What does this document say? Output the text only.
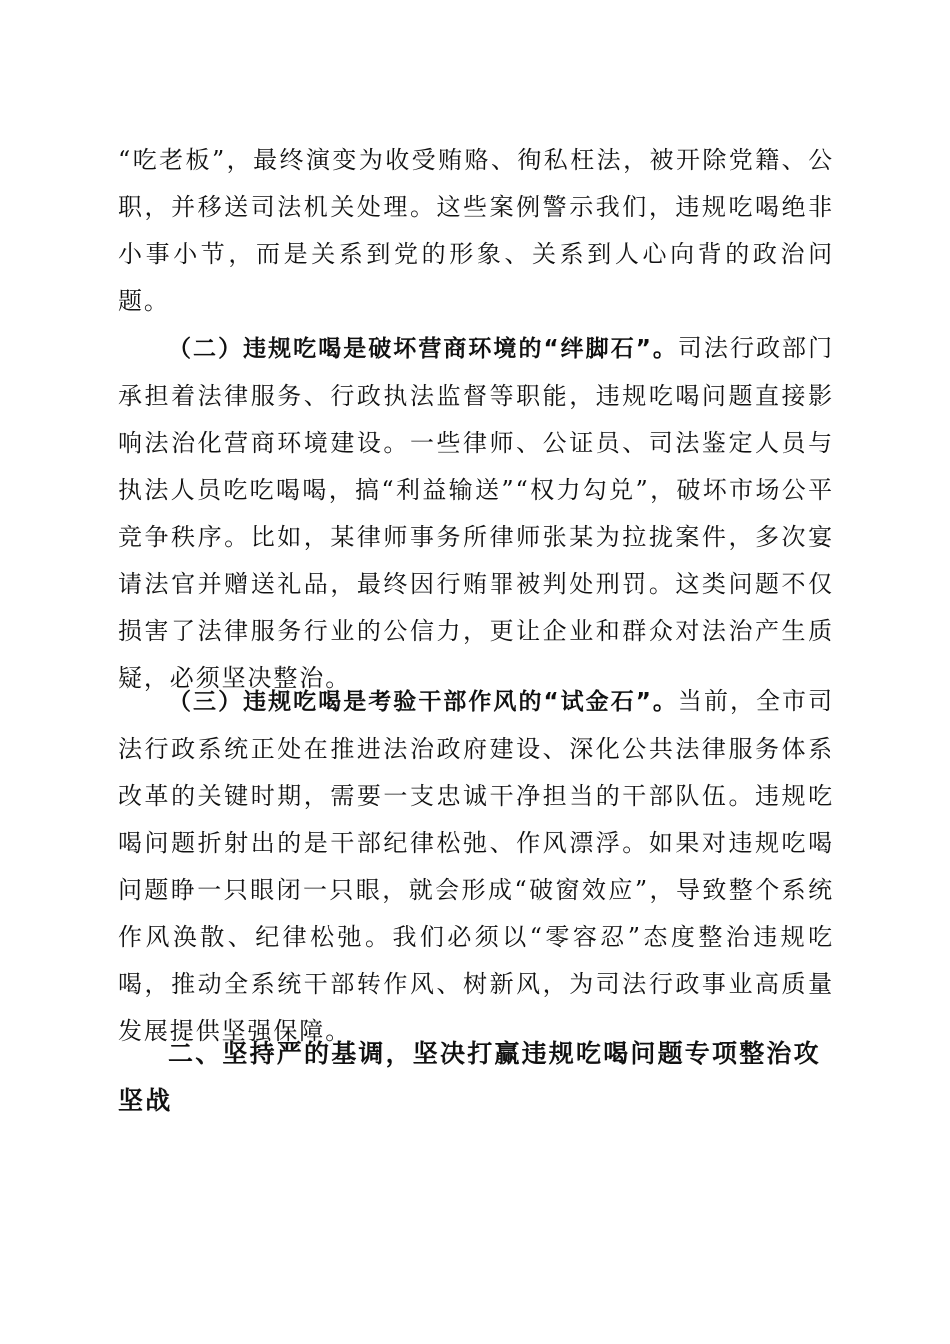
“吃老板”，最终演变为收受贿赂、徇私枉法，被开除党籍、公职，并移送司法机关处理。这些案例警示我们，违规吃喝绝非小事小节，而是关系到党的形象、关系到人心向背的政治问题。

（二）违规吃喝是破坏营商环境的“绊脚石”。司法行政部门承担着法律服务、行政执法监督等职能，违规吃喝问题直接影响法治化营商环境建设。一些律师、公证员、司法鉴定人员与执法人员吃吃喝喝，搞“利益输送”“权力勾兑”，破坏市场公平竞争秩序。比如，某律师事务所律师张某为拉拢案件，多次宴请法官并赠送礼品，最终因行贿罪被判处刑罚。这类问题不仅损害了法律服务行业的公信力，更让企业和群众对法治产生质疑，必须坚决整治。

（三）违规吃喝是考验干部作风的“试金石”。当前，全市司法行政系统正处在推进法治政府建设、深化公共法律服务体系改革的关键时期，需要一支忠诚干净担当的干部队伍。违规吃喝问题折射出的是干部纪律松弛、作风漂浮。如果对违规吃喝问题睁一只眼闭一只眼，就会形成“破窗效应”，导致整个系统作风涣散、纪律松弛。我们必须以“零容忍”态度整治违规吃喝，推动全系统干部转作风、树新风，为司法行政事业高质量发展提供坚强保障。

二、坚持严的基调，坚决打赢违规吃喝问题专项整治攻坚战
